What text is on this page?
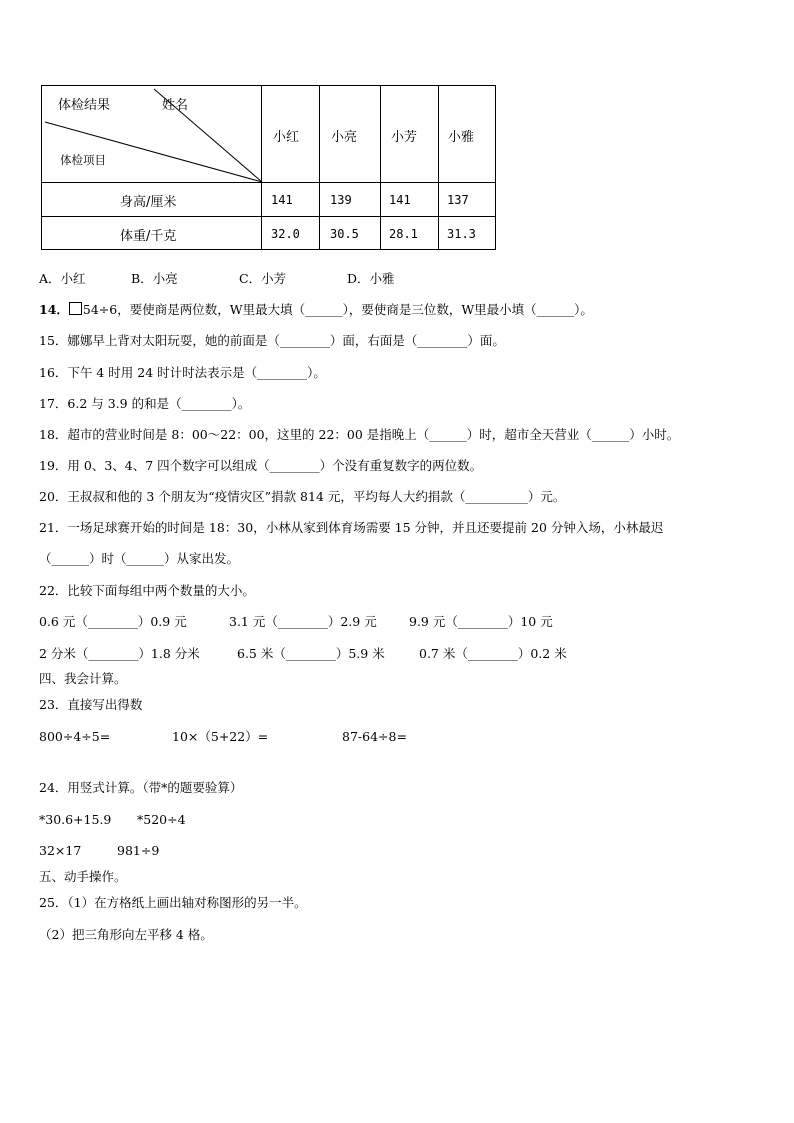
体检结果	姓名
体检项目
小红 小亮	小芳 小雅
身高/厘米	141	139	141	137
体重/千克	32.0	30.5	28.1 31.3
A．小红	B．小亮	C．小芳	D．小雅
14． 54÷6，要使商是两位数，W里最大填（______），要使商是三位数，W里最小填（______）。
15．娜娜早上背对太阳玩耍，她的前面是（________）面，右面是（________）面。
16．下午 4 时用 24 时计时法表示是（________）。
17．6.2 与 3.9 的和是（________）。
18．超市的营业时间是 8：00～22：00，这里的 22：00 是指晚上（______）时，超市全天营业（______）小时。
19．用 0、3、4、7 四个数字可以组成（________）个没有重复数字的两位数。
20．王叔叔和他的 3 个朋友为“疫情灾区”捐款 814 元，平均每人大约捐款（__________）元。
21．一场足球赛开始的时间是 18：30，小林从家到体育场需要 15 分钟，并且还要提前 20 分钟入场，小林最迟
（______）时（______）从家出发。
22．比较下面每组中两个数量的大小。
0.6 元（________）0.9 元	3.1 元（________）2.9 元	9.9 元（________）10 元
2 分米（________）1.8 分米	6.5 米（________）5.9 米	0.7 米（________）0.2 米
四、我会计算。
23．直接写出得数
800÷4÷5=	10×（5+22）=	87-64÷8=
24．用竖式计算。（带*的题要验算）
*30.6+15.9 *520÷4
32×17	981÷9
五、动手操作。
25．（1）在方格纸上画出轴对称图形的另一半。
（2）把三角形向左平移 4 格。
